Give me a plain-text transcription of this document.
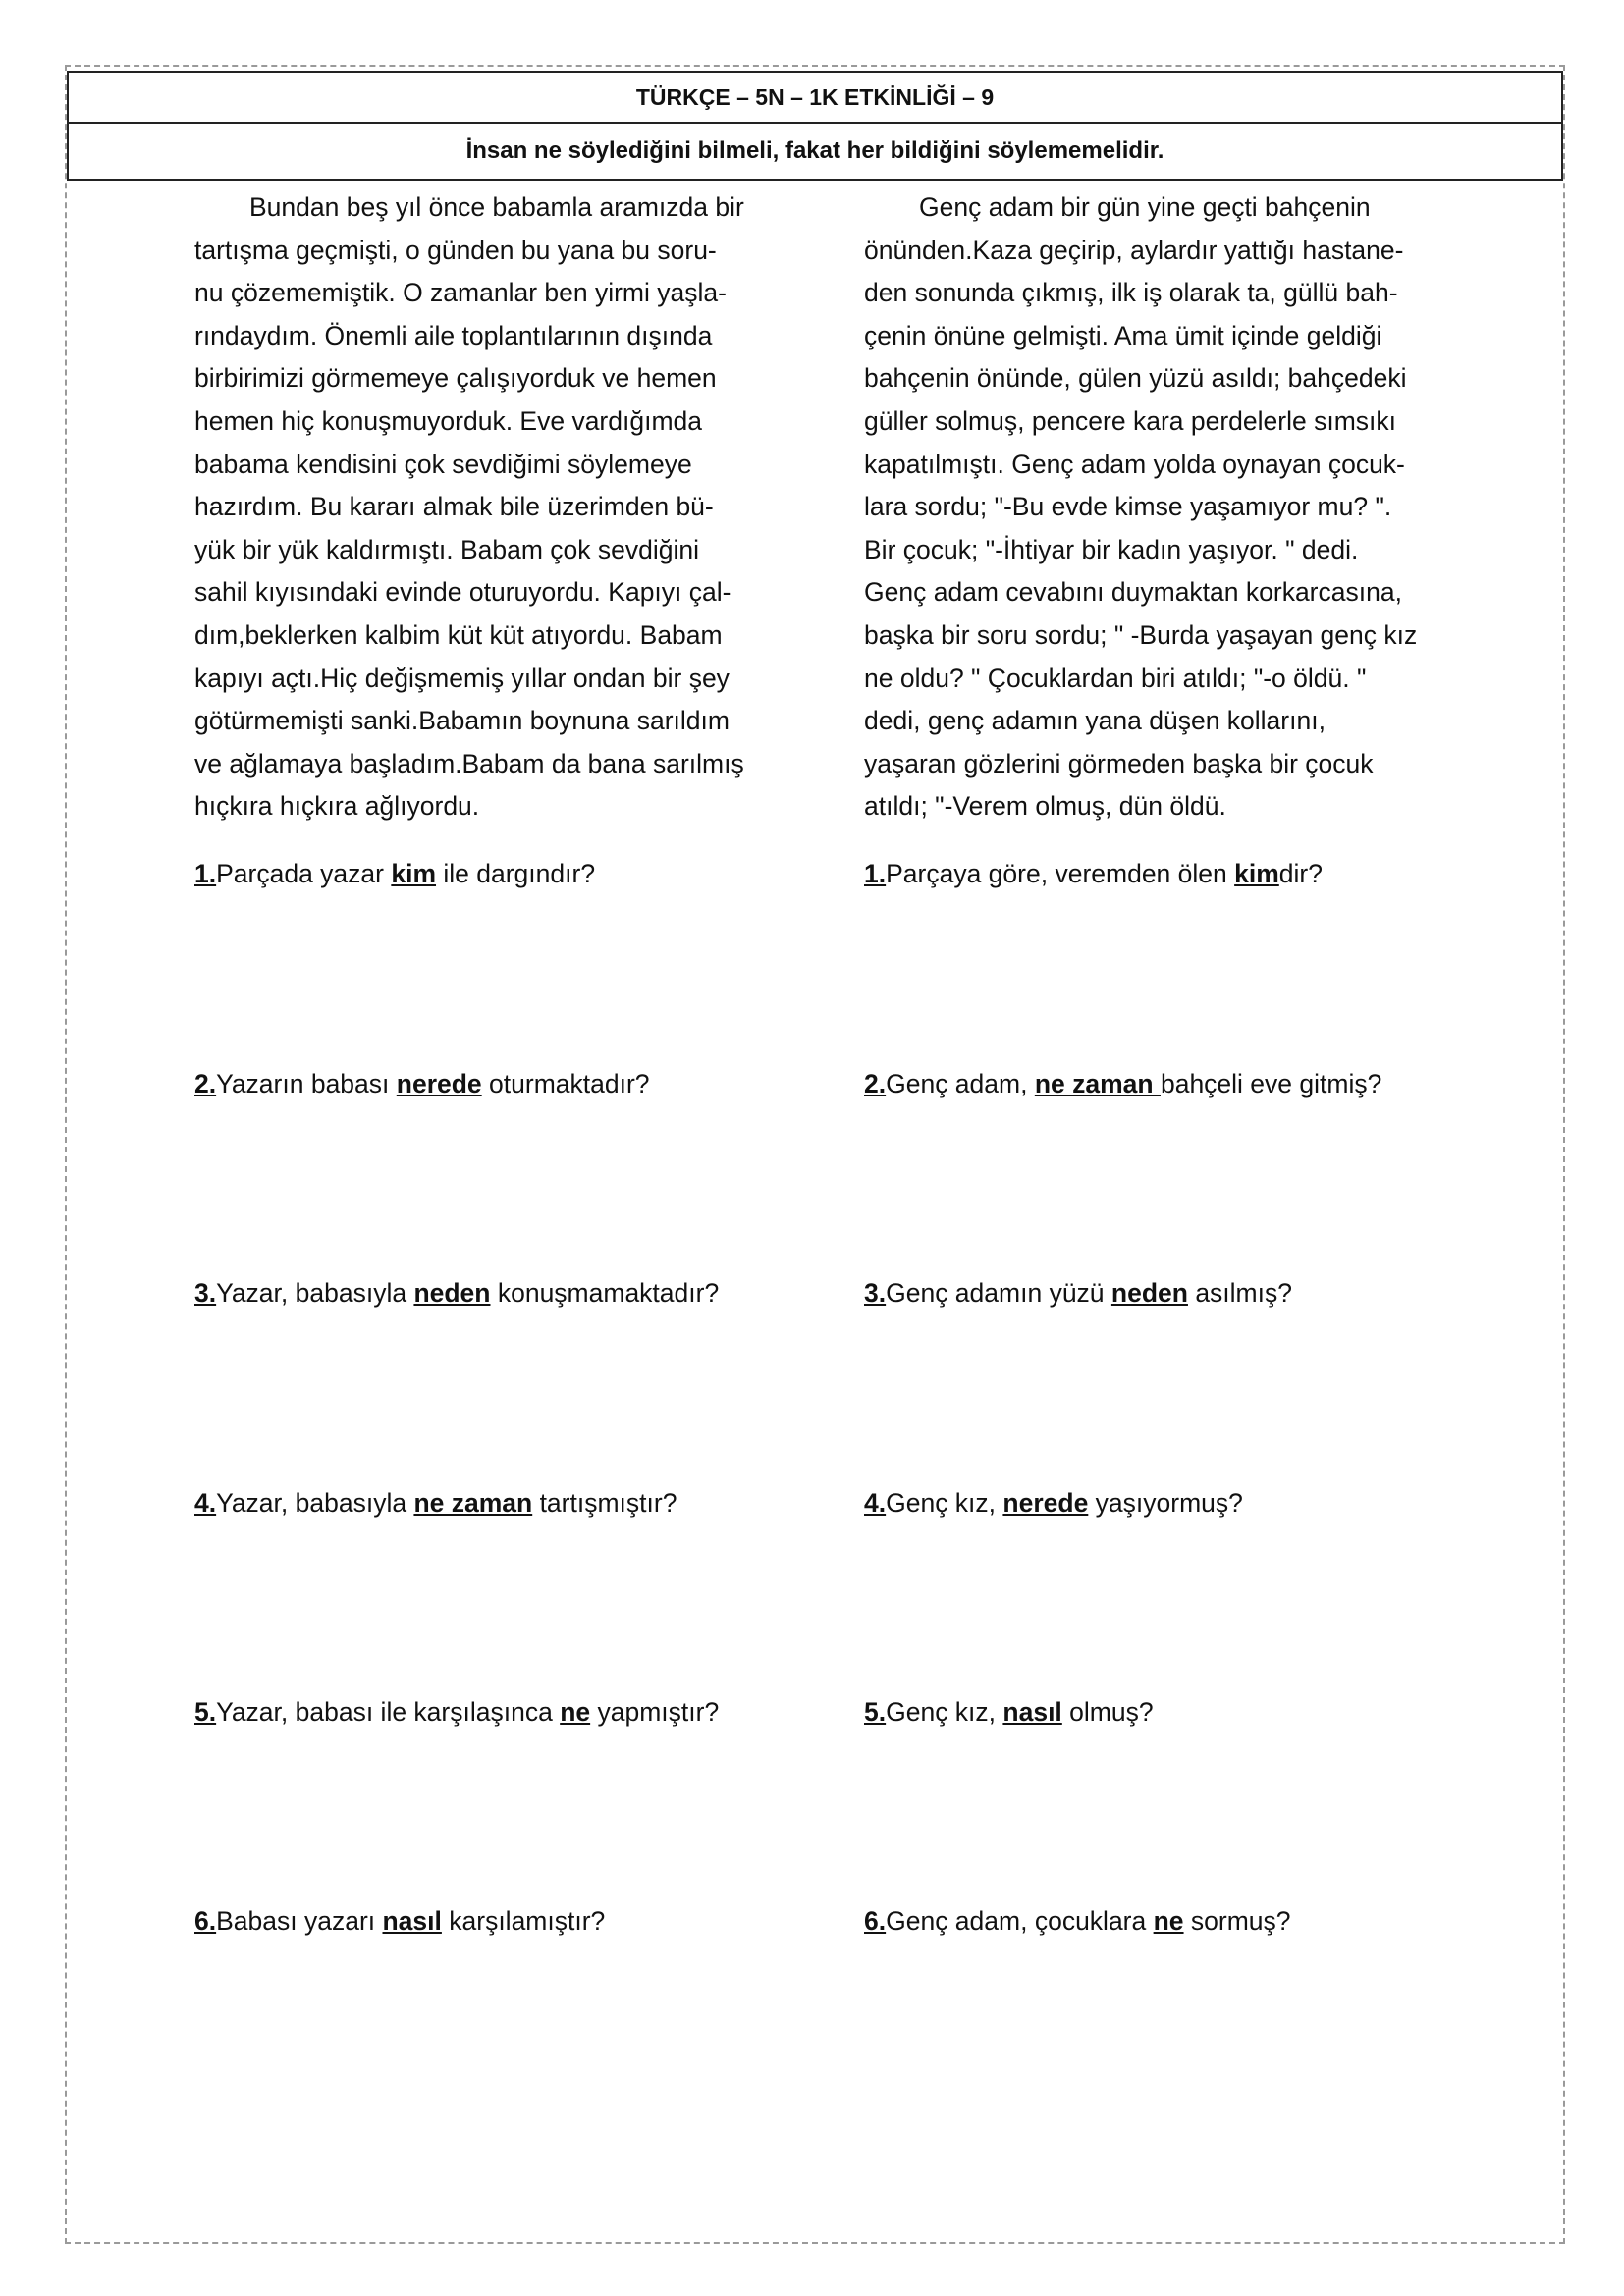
TÜRKÇE – 5N – 1K ETKİNLİĞİ – 9
İnsan ne söylediğini bilmeli, fakat her bildiğini söylememelidir.

Bundan beş yıl önce babamla aramızda bir
tartışma geçmişti, o günden bu yana bu soru-
nu çözememiştik. O zamanlar ben yirmi yaşla-
rındaydım. Önemli aile toplantılarının dışında
birbirimizi görmemeye çalışıyorduk ve hemen
hemen hiç konuşmuyorduk. Eve vardığımda
babama kendisini çok sevdiğimi söylemeye
hazırdım. Bu kararı almak bile üzerimden bü-
yük bir yük kaldırmıştı. Babam çok sevdiğini
sahil kıyısındaki evinde oturuyordu. Kapıyı çal-
dım,beklerken kalbim küt küt atıyordu. Babam
kapıyı açtı.Hiç değişmemiş yıllar ondan bir şey
götürmemişti sanki.Babamın boynuna sarıldım
ve ağlamaya başladım.Babam da bana sarılmış
hıçkıra hıçkıra ağlıyordu.

1.Parçada yazar kim ile dargındır?
2.Yazarın babası nerede oturmaktadır?
3.Yazar, babasıyla neden konuşmamaktadır?
4.Yazar, babasıyla ne zaman tartışmıştır?
5.Yazar, babası ile karşılaşınca ne yapmıştır?
6.Babası yazarı nasıl karşılamıştır?

Genç adam bir gün yine geçti bahçenin
önünden.Kaza geçirip, aylardır yattığı hastane-
den sonunda çıkmış, ilk iş olarak ta, güllü bah-
çenin önüne gelmişti. Ama ümit içinde geldiği
bahçenin önünde, gülen yüzü asıldı; bahçedeki
güller solmuş, pencere kara perdelerle sımsıkı
kapatılmıştı. Genç adam yolda oynayan çocuk-
lara sordu; "-Bu evde kimse yaşamıyor mu? ".
Bir çocuk; "-İhtiyar bir kadın yaşıyor. " dedi.
Genç adam cevabını duymaktan korkarcasına,
başka bir soru sordu; " -Burda yaşayan genç kız
ne oldu? " Çocuklardan biri atıldı; "-o öldü. "
dedi, genç adamın yana düşen kollarını,
yaşaran gözlerini görmeden başka bir çocuk
atıldı; "-Verem olmuş, dün öldü.

1.Parçaya göre, veremden ölen kimdir?
2.Genç adam, ne zaman bahçeli eve gitmiş?
3.Genç adamın yüzü neden asılmış?
4.Genç kız, nerede yaşıyormuş?
5.Genç kız, nasıl olmuş?
6.Genç adam, çocuklara ne sormuş?
